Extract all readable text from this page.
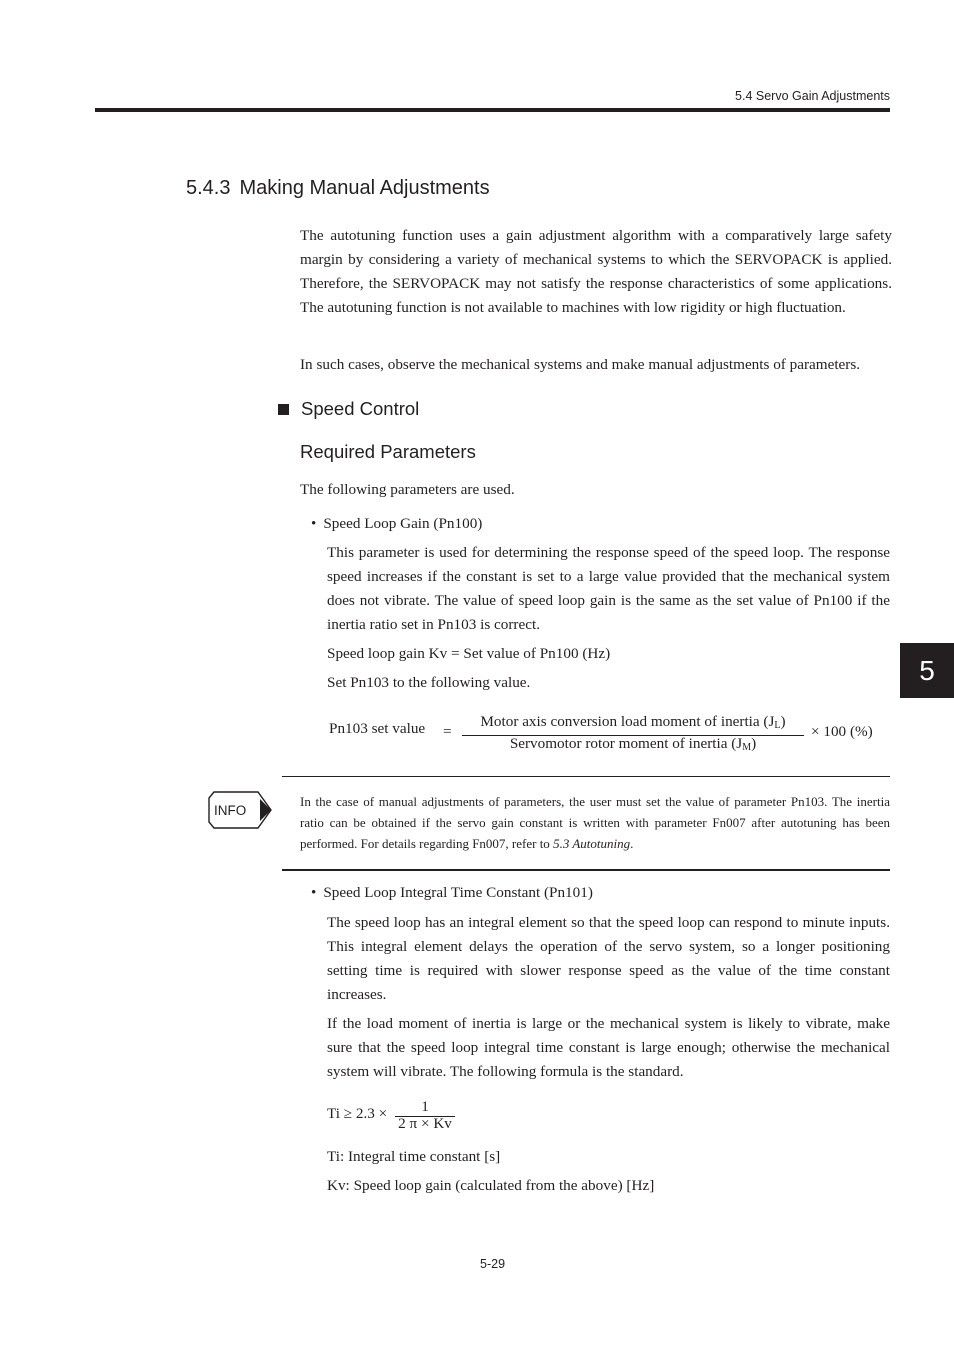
5.4 Servo Gain Adjustments
5.4.3 Making Manual Adjustments
The autotuning function uses a gain adjustment algorithm with a comparatively large safety margin by considering a variety of mechanical systems to which the SERVOPACK is applied. Therefore, the SERVOPACK may not satisfy the response characteristics of some applications. The autotuning function is not available to machines with low rigidity or high fluctuation.
In such cases, observe the mechanical systems and make manual adjustments of parameters.
Speed Control
Required Parameters
The following parameters are used.
• Speed Loop Gain (Pn100)
This parameter is used for determining the response speed of the speed loop. The response speed increases if the constant is set to a large value provided that the mechanical system does not vibrate. The value of speed loop gain is the same as the set value of Pn100 if the inertia ratio set in Pn103 is correct.
Speed loop gain Kv = Set value of Pn100 (Hz)
Set Pn103 to the following value.
Pn103 set value =
Motor axis conversion load moment of inertia $(J_L)$
Servomotor rotor moment of inertia $(J_M)$
× 100 (%)
INFO
In the case of manual adjustments of parameters, the user must set the value of parameter Pn103. The inertia ratio can be obtained if the servo gain constant is written with parameter Fn007 after autotuning has been performed. For details regarding Fn007, refer to 5.3 Autotuning.
• Speed Loop Integral Time Constant (Pn101)
The speed loop has an integral element so that the speed loop can respond to minute inputs. This integral element delays the operation of the servo system, so a longer positioning setting time is required with slower response speed as the value of the time constant increases.
If the load moment of inertia is large or the mechanical system is likely to vibrate, make sure that the speed loop integral time constant is large enough; otherwise the mechanical system will vibrate. The following formula is the standard.
Ti ≥ 2.3 ×	1
2 π × Kv
Ti: Integral time constant [s]
Kv: Speed loop gain (calculated from the above) [Hz]
5-29
5
